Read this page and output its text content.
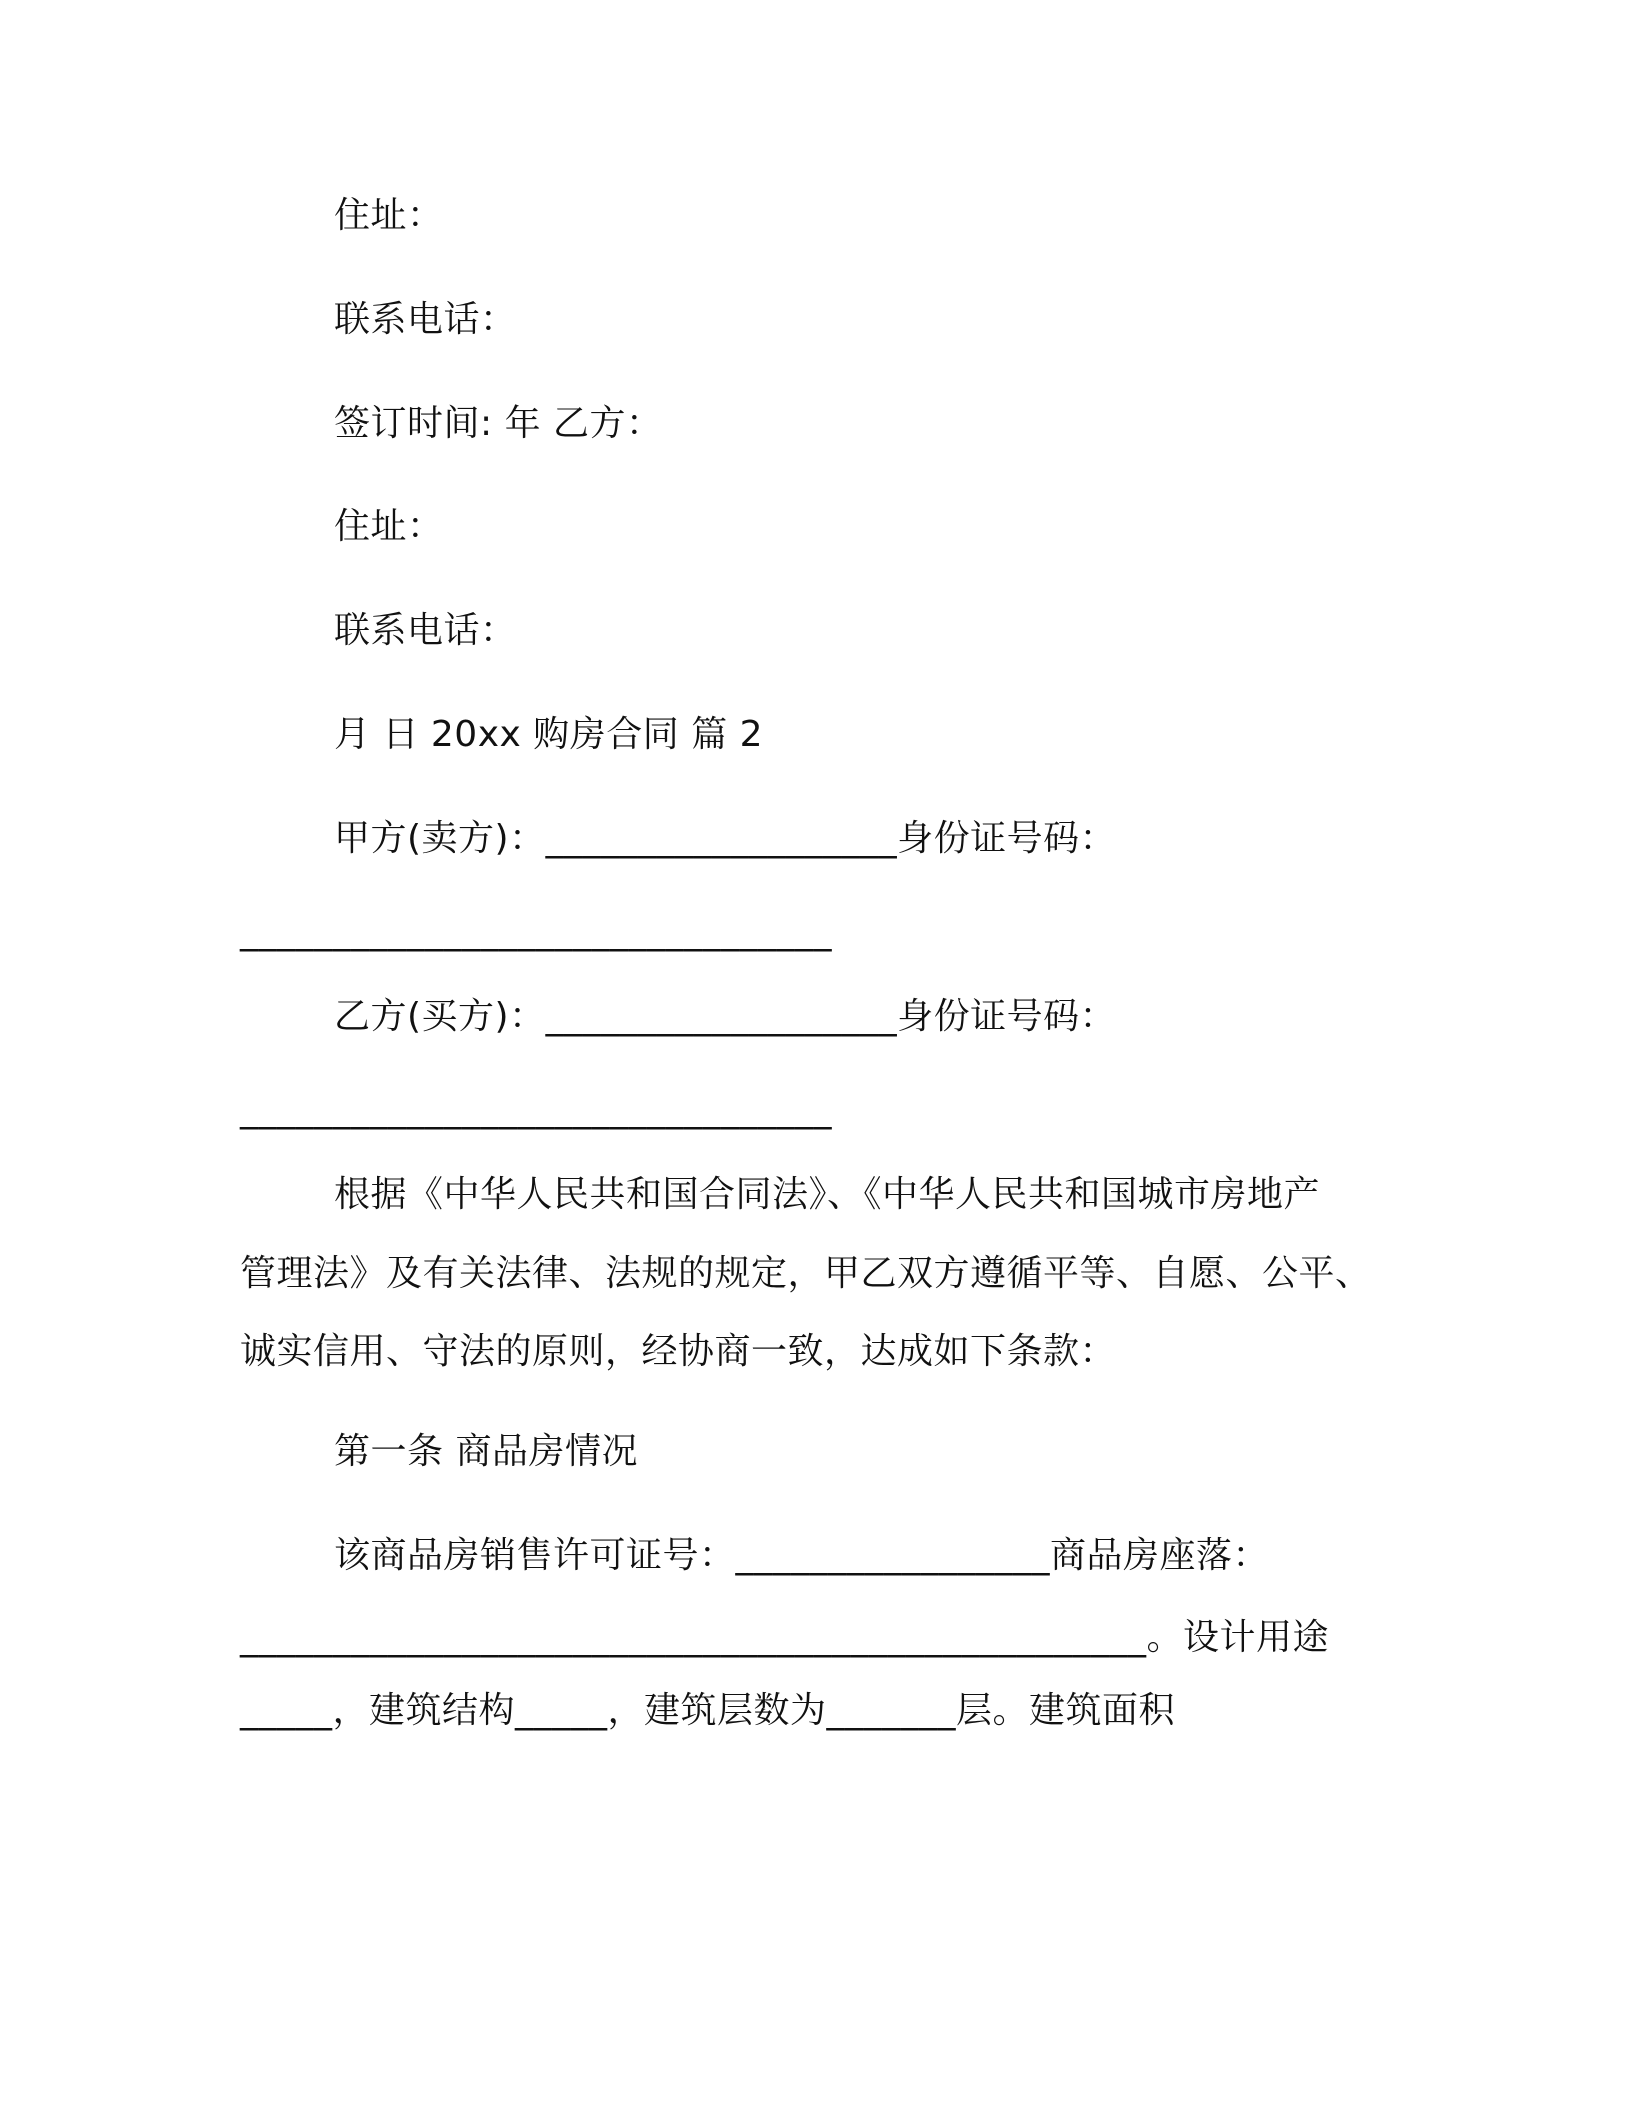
住址：
联系电话：
签订时间: 年 乙方：
住址：
联系电话：
月 日 20xx 购房合同 篇 2
甲方(卖方)：___________________身份证号码：
________________________________
乙方(买方)：___________________身份证号码：
________________________________
根据《中华人民共和国合同法》、《中华人民共和国城市房地产
管理法》及有关法律、法规的规定，甲乙双方遵循平等、自愿、公平、
诚实信用、守法的原则，经协商一致，达成如下条款：
第一条 商品房情况
该商品房销售许可证号：_________________商品房座落：
_________________________________________________。设计用途
_____，建筑结构_____，建筑层数为_______层。建筑面积
